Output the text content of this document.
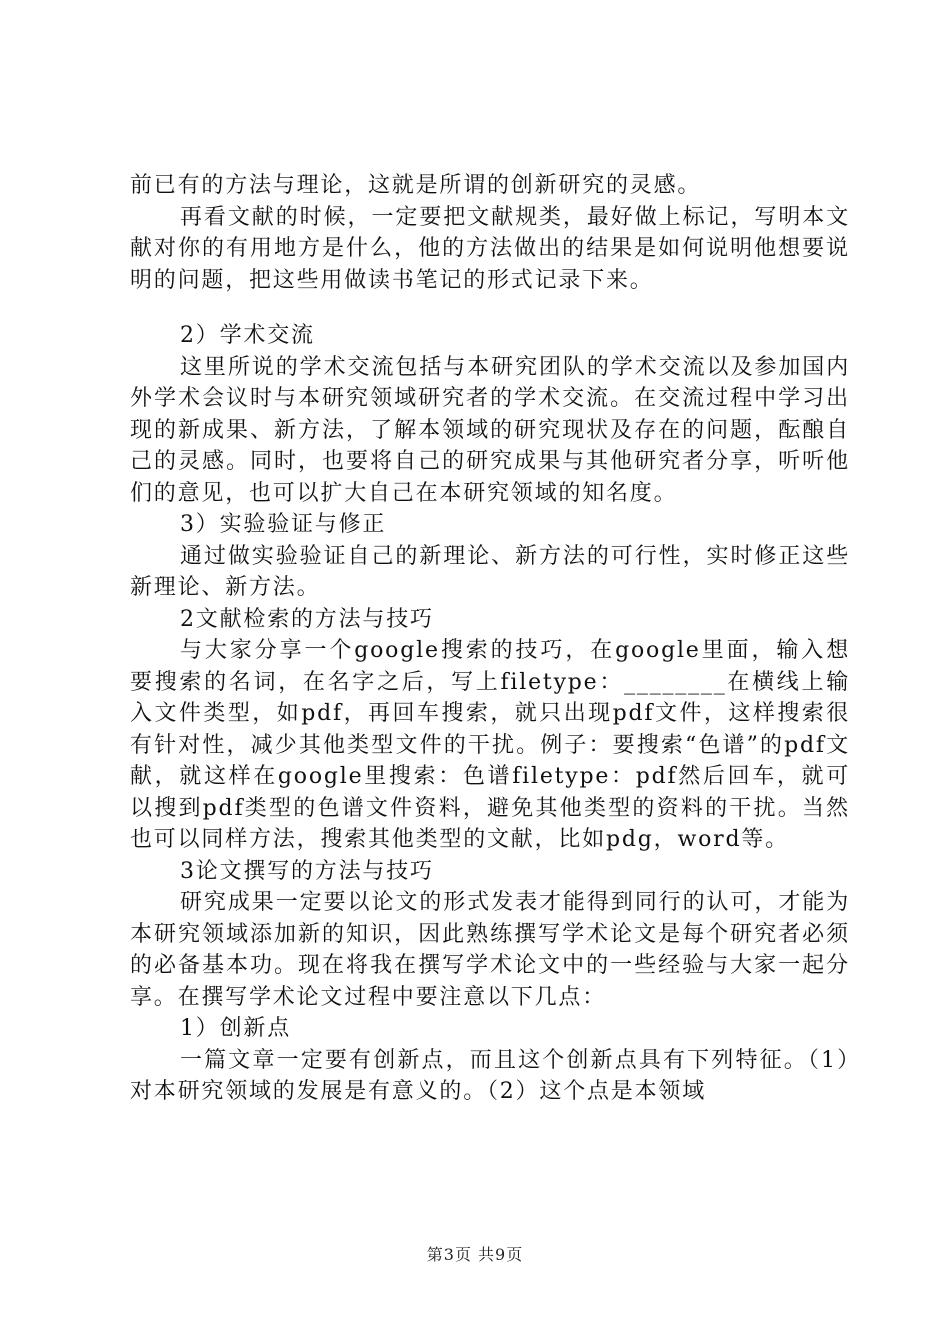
前已有的方法与理论，这就是所谓的创新研究的灵感。

再看文献的时候，一定要把文献规类，最好做上标记，写明本文献对你的有用地方是什么，他的方法做出的结果是如何说明他想要说明的问题，把这些用做读书笔记的形式记录下来。

2）学术交流

这里所说的学术交流包括与本研究团队的学术交流以及参加国内外学术会议时与本研究领域研究者的学术交流。在交流过程中学习出现的新成果、新方法，了解本领域的研究现状及存在的问题，酝酿自己的灵感。同时，也要将自己的研究成果与其他研究者分享，听听他们的意见，也可以扩大自己在本研究领域的知名度。

3）实验验证与修正

通过做实验验证自己的新理论、新方法的可行性，实时修正这些新理论、新方法。

2文献检索的方法与技巧

与大家分享一个google搜索的技巧，在google里面，输入想要搜索的名词，在名字之后，写上filetype：________在横线上输入文件类型，如pdf，再回车搜索，就只出现pdf文件，这样搜索很有针对性，减少其他类型文件的干扰。例子：要搜索“色谱”的pdf文献，就这样在google里搜索：色谱filetype：pdf然后回车，就可以搜到pdf类型的色谱文件资料，避免其他类型的资料的干扰。当然也可以同样方法，搜索其他类型的文献，比如pdg，word等。

3论文撰写的方法与技巧

研究成果一定要以论文的形式发表才能得到同行的认可，才能为本研究领域添加新的知识，因此熟练撰写学术论文是每个研究者必须的必备基本功。现在将我在撰写学术论文中的一些经验与大家一起分享。在撰写学术论文过程中要注意以下几点：

1）创新点

一篇文章一定要有创新点，而且这个创新点具有下列特征。（1）对本研究领域的发展是有意义的。（2）这个点是本领域

第3页 共9页
